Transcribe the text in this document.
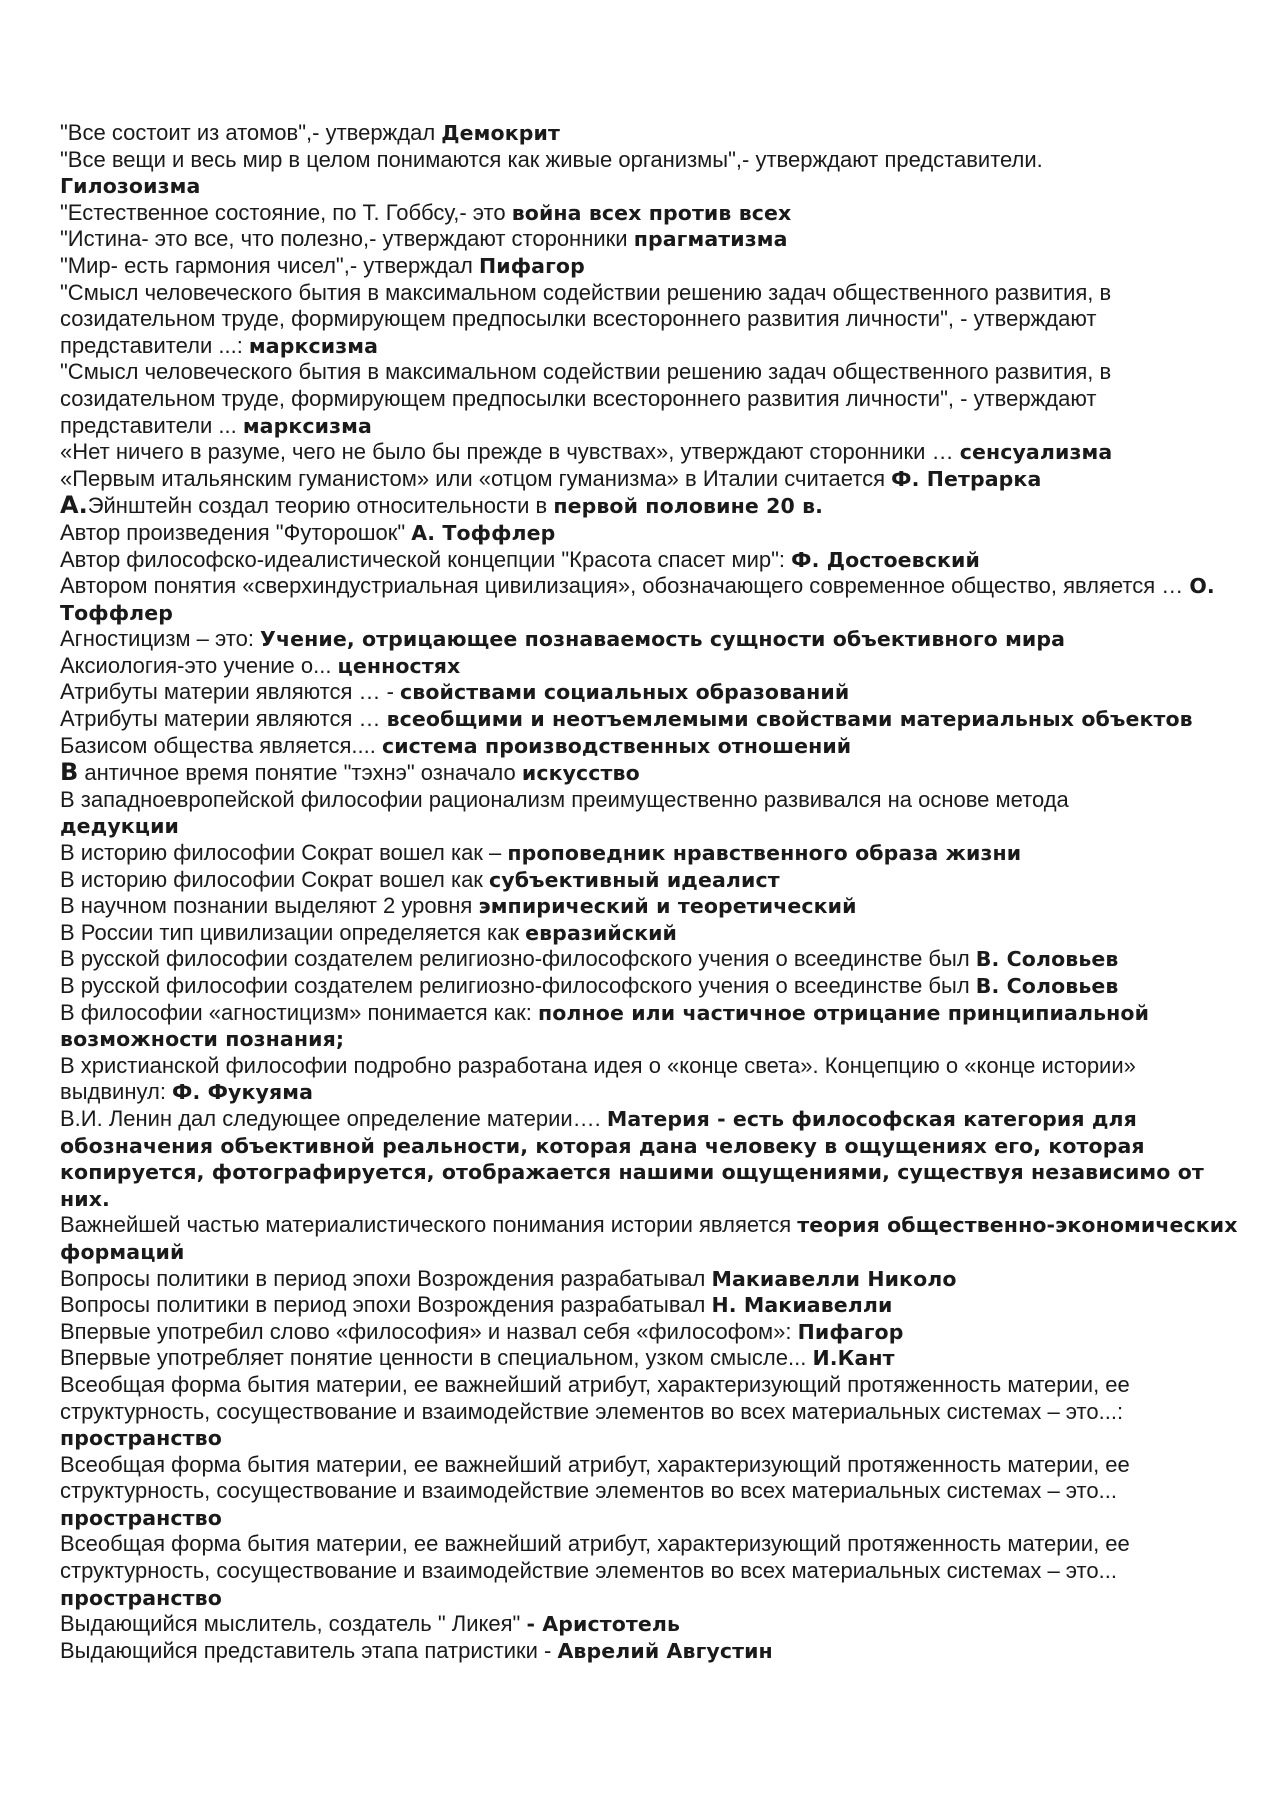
"Все состоит из атомов",- утверждал Демокрит

"Все вещи и весь мир в целом понимаются как живые организмы",- утверждают представители.
Гилозоизма

"Естественное состояние, по Т. Гоббсу,- это война всех против всех

"Истина- это все, что полезно,- утверждают сторонники прагматизма

"Мир- есть гармония чисел",- утверждал Пифагор

"Смысл человеческого бытия в максимальном содействии решению задач общественного развития, в созидательном труде, формирующем предпосылки всестороннего развития личности", - утверждают представители ...: марксизма

"Смысл человеческого бытия в максимальном содействии решению задач общественного развития, в созидательном труде, формирующем предпосылки всестороннего развития личности", - утверждают представители ... марксизма

«Нет ничего в разуме, чего не было бы прежде в чувствах», утверждают сторонники … сенсуализма

«Первым итальянским гуманистом» или «отцом гуманизма» в Италии считается Ф. Петрарка

А.Эйнштейн создал теорию относительности в первой половине 20 в.

Автор произведения "Футорошок" А. Тоффлер

Автор философско-идеалистической концепции "Красота спасет мир": Ф. Достоевский

Автором понятия «сверхиндустриальная цивилизация», обозначающего современное общество, является … О. Тоффлер

Агностицизм – это: Учение, отрицающее познаваемость сущности объективного мира

Аксиология-это учение о... ценностях

Атрибуты материи являются … - свойствами социальных образований

Атрибуты материи являются … всеобщими и неотъемлемыми свойствами материальных объектов

Базисом общества является.... система производственных отношений

В античное время понятие "тэхнэ" означало искусство

В западноевропейской философии рационализм преимущественно развивался на основе метода
дедукции

В историю философии Сократ вошел как – проповедник нравственного образа жизни

В историю философии Сократ вошел как субъективный идеалист

В научном познании выделяют 2 уровня эмпирический и теоретический

В России тип цивилизации определяется как евразийский

В русской философии создателем религиозно-философского учения о всеединстве был В. Соловьев

В русской философии создателем религиозно-философского учения о всеединстве был В. Соловьев

В философии «агностицизм» понимается как: полное или частичное отрицание принципиальной возможности познания;

В христианской философии подробно разработана идея о «конце света». Концепцию о «конце истории» выдвинул: Ф. Фукуяма

В.И. Ленин дал следующее определение материи…. Материя - есть философская категория для обозначения объективной реальности, которая дана человеку в ощущениях его, которая копируется, фотографируется, отображается нашими ощущениями, существуя независимо от них.

Важнейшей частью материалистического понимания истории является теория общественно-экономических формаций

Вопросы политики в период эпохи Возрождения разрабатывал Макиавелли Николо

Вопросы политики в период эпохи Возрождения разрабатывал Н. Макиавелли

Впервые употребил слово «философия» и назвал себя «философом»: Пифагор

Впервые употребляет понятие ценности в специальном, узком смысле... И.Кант

Всеобщая форма бытия материи, ее важнейший атрибут, характеризующий протяженность материи, ее структурность, сосуществование и взаимодействие элементов во всех материальных системах – это...:
пространство

Всеобщая форма бытия материи, ее важнейший атрибут, характеризующий протяженность материи, ее структурность, сосуществование и взаимодействие элементов во всех материальных системах – это...
пространство

Всеобщая форма бытия материи, ее важнейший атрибут, характеризующий протяженность материи, ее структурность, сосуществование и взаимодействие элементов во всех материальных системах – это...
пространство

Выдающийся мыслитель, создатель " Ликея" - Аристотель

Выдающийся представитель этапа патристики - Аврелий Августин
